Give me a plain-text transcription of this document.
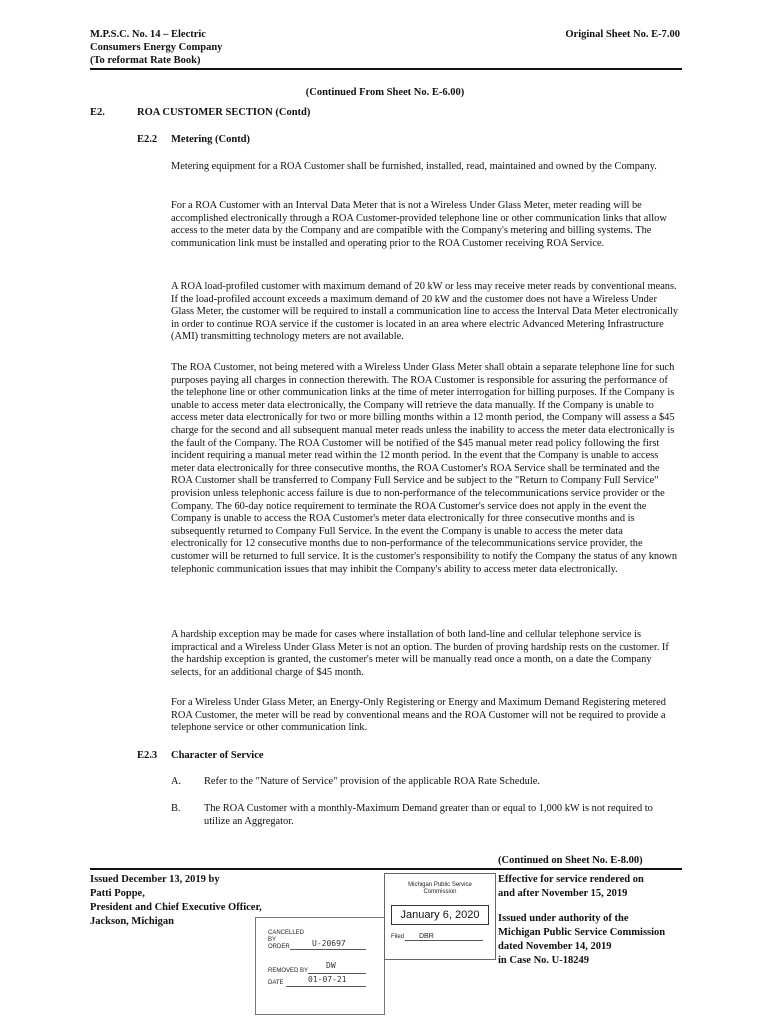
M.P.S.C. No. 14 – Electric
Consumers Energy Company
(To reformat Rate Book)
Original Sheet No. E-7.00
(Continued From Sheet No. E-6.00)
E2.	ROA CUSTOMER SECTION (Contd)
E2.2 Metering (Contd)
Metering equipment for a ROA Customer shall be furnished, installed, read, maintained and owned by the Company.
For a ROA Customer with an Interval Data Meter that is not a Wireless Under Glass Meter, meter reading will be accomplished electronically through a ROA Customer-provided telephone line or other communication links that allow access to the meter data by the Company and are compatible with the Company's metering and billing systems. The communication link must be installed and operating prior to the ROA Customer receiving ROA Service.
A ROA load-profiled customer with maximum demand of 20 kW or less may receive meter reads by conventional means. If the load-profiled account exceeds a maximum demand of 20 kW and the customer does not have a Wireless Under Glass Meter, the customer will be required to install a communication line to access the Interval Data Meter electronically in order to continue ROA service if the customer is located in an area where electric Advanced Metering Infrastructure (AMI) transmitting technology meters are not available.
The ROA Customer, not being metered with a Wireless Under Glass Meter shall obtain a separate telephone line for such purposes paying all charges in connection therewith. The ROA Customer is responsible for assuring the performance of the telephone line or other communication links at the time of meter interrogation for billing purposes. If the Company is unable to access meter data electronically, the Company will retrieve the data manually. If the Company is unable to access meter data electronically for two or more billing months within a 12 month period, the Company will assess a $45 charge for the second and all subsequent manual meter reads unless the inability to access the meter data electronically is the fault of the Company. The ROA Customer will be notified of the $45 manual meter read policy following the first incident requiring a manual meter read within the 12 month period. In the event that the Company is unable to access meter data electronically for three consecutive months, the ROA Customer's ROA Service shall be terminated and the ROA Customer shall be transferred to Company Full Service and be subject to the "Return to Company Full Service" provision unless telephonic access failure is due to non-performance of the telecommunications service provider or the Company. The 60-day notice requirement to terminate the ROA Customer's service does not apply in the event the Company is unable to access the ROA Customer's meter data electronically for three consecutive months and is subsequently returned to Company Full Service. In the event the Company is unable to access the meter data electronically for 12 consecutive months due to non-performance of the telecommunications service provider, the customer will be returned to full service. It is the customer's responsibility to notify the Company the status of any known telephonic communication issues that may inhibit the Company's ability to access meter data electronically.
A hardship exception may be made for cases where installation of both land-line and cellular telephone service is impractical and a Wireless Under Glass Meter is not an option. The burden of proving hardship rests on the customer. If the hardship exception is granted, the customer's meter will be manually read once a month, on a date the Company selects, for an additional charge of $45 month.
For a Wireless Under Glass Meter, an Energy-Only Registering or Energy and Maximum Demand Registering metered ROA Customer, the meter will be read by conventional means and the ROA Customer will not be required to provide a telephone service or other communication link.
E2.3 Character of Service
A. Refer to the "Nature of Service" provision of the applicable ROA Rate Schedule.
B. The ROA Customer with a monthly-Maximum Demand greater than or equal to 1,000 kW is not required to utilize an Aggregator.
(Continued on Sheet No. E-8.00)
Issued December 13, 2019 by
Patti Poppe,
President and Chief Executive Officer,
Jackson, Michigan
Effective for service rendered on
and after November 15, 2019
Issued under authority of the
Michigan Public Service Commission
dated November 14, 2019
in Case No. U-18249
CANCELLED
BY
ORDER	U-20697
REMOVED BY
DW
DATE	01-07-21
Michigan Public Service
Commission
January 6, 2020
Filed DBR
